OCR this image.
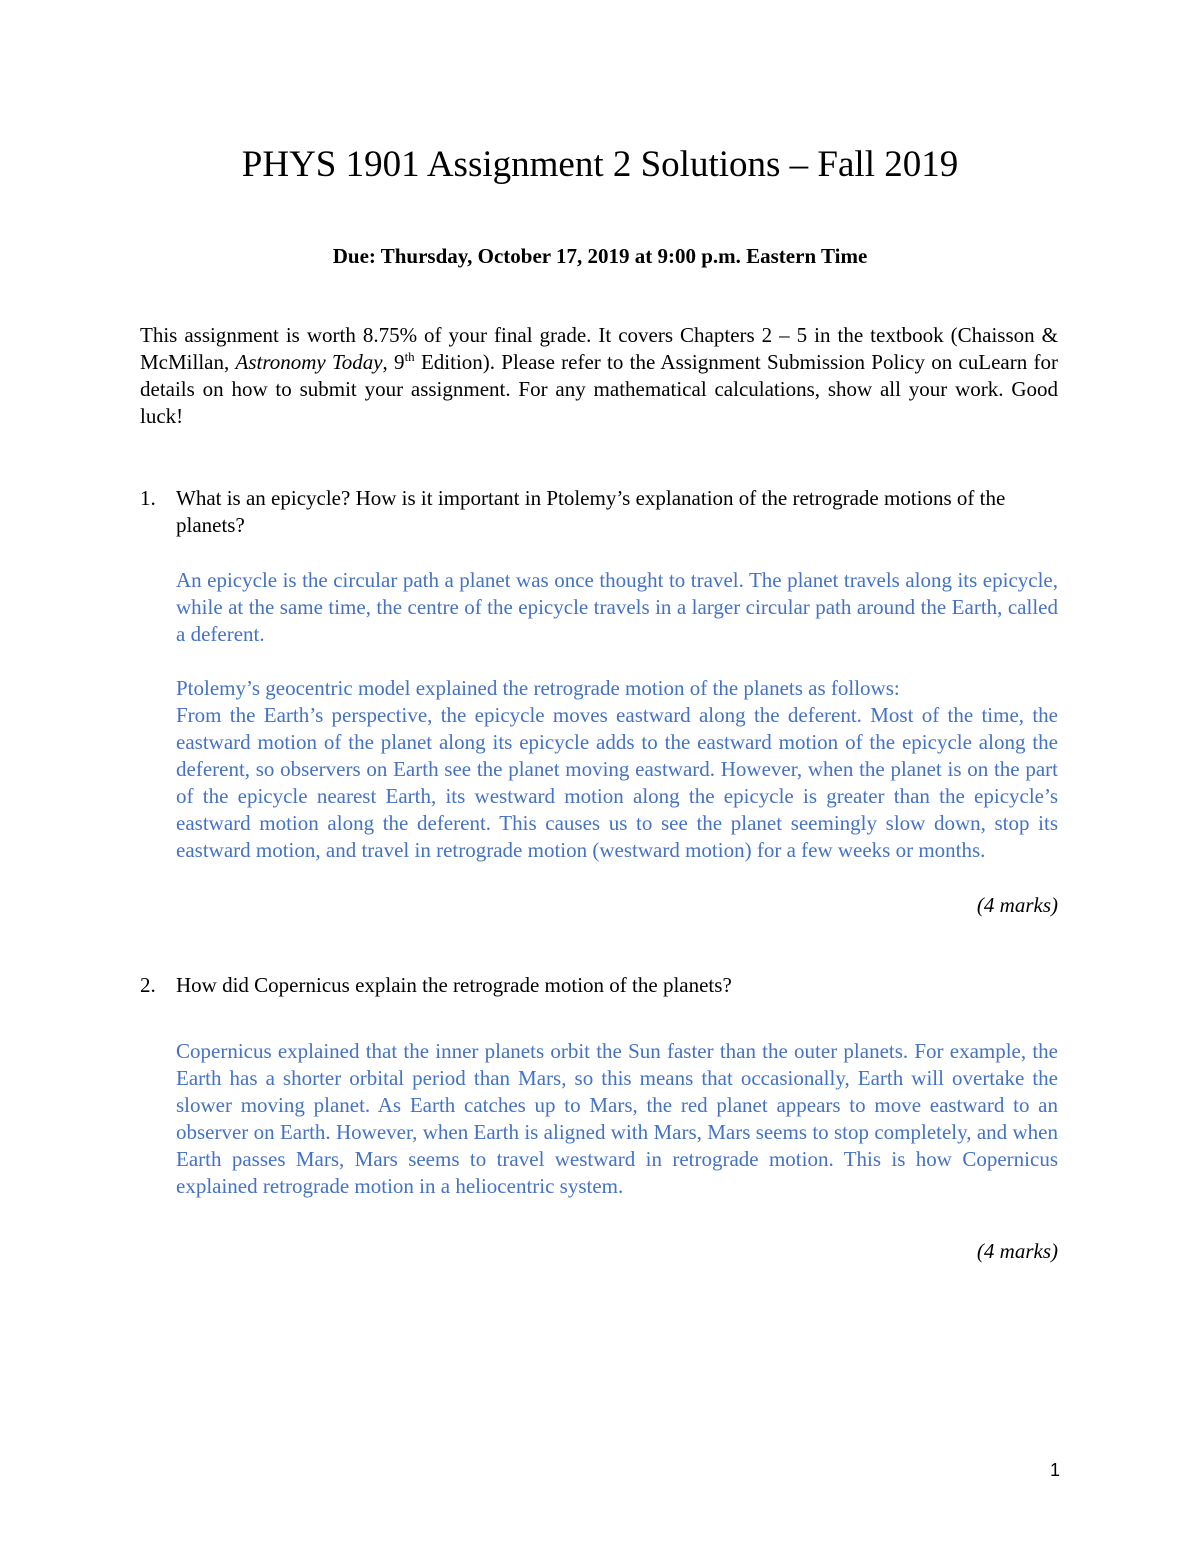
PHYS 1901 Assignment 2 Solutions – Fall 2019
Due: Thursday, October 17, 2019 at 9:00 p.m. Eastern Time
This assignment is worth 8.75% of your final grade. It covers Chapters 2 – 5 in the textbook (Chaisson & McMillan, Astronomy Today, 9th Edition). Please refer to the Assignment Submission Policy on cuLearn for details on how to submit your assignment. For any mathematical calculations, show all your work. Good luck!
1. What is an epicycle? How is it important in Ptolemy’s explanation of the retrograde motions of the planets?

An epicycle is the circular path a planet was once thought to travel. The planet travels along its epicycle, while at the same time, the centre of the epicycle travels in a larger circular path around the Earth, called a deferent.

Ptolemy’s geocentric model explained the retrograde motion of the planets as follows:

From the Earth’s perspective, the epicycle moves eastward along the deferent. Most of the time, the eastward motion of the planet along its epicycle adds to the eastward motion of the epicycle along the deferent, so observers on Earth see the planet moving eastward. However, when the planet is on the part of the epicycle nearest Earth, its westward motion along the epicycle is greater than the epicycle’s eastward motion along the deferent. This causes us to see the planet seemingly slow down, stop its eastward motion, and travel in retrograde motion (westward motion) for a few weeks or months.

(4 marks)
2. How did Copernicus explain the retrograde motion of the planets?

Copernicus explained that the inner planets orbit the Sun faster than the outer planets. For example, the Earth has a shorter orbital period than Mars, so this means that occasionally, Earth will overtake the slower moving planet. As Earth catches up to Mars, the red planet appears to move eastward to an observer on Earth. However, when Earth is aligned with Mars, Mars seems to stop completely, and when Earth passes Mars, Mars seems to travel westward in retrograde motion. This is how Copernicus explained retrograde motion in a heliocentric system.

(4 marks)
1
